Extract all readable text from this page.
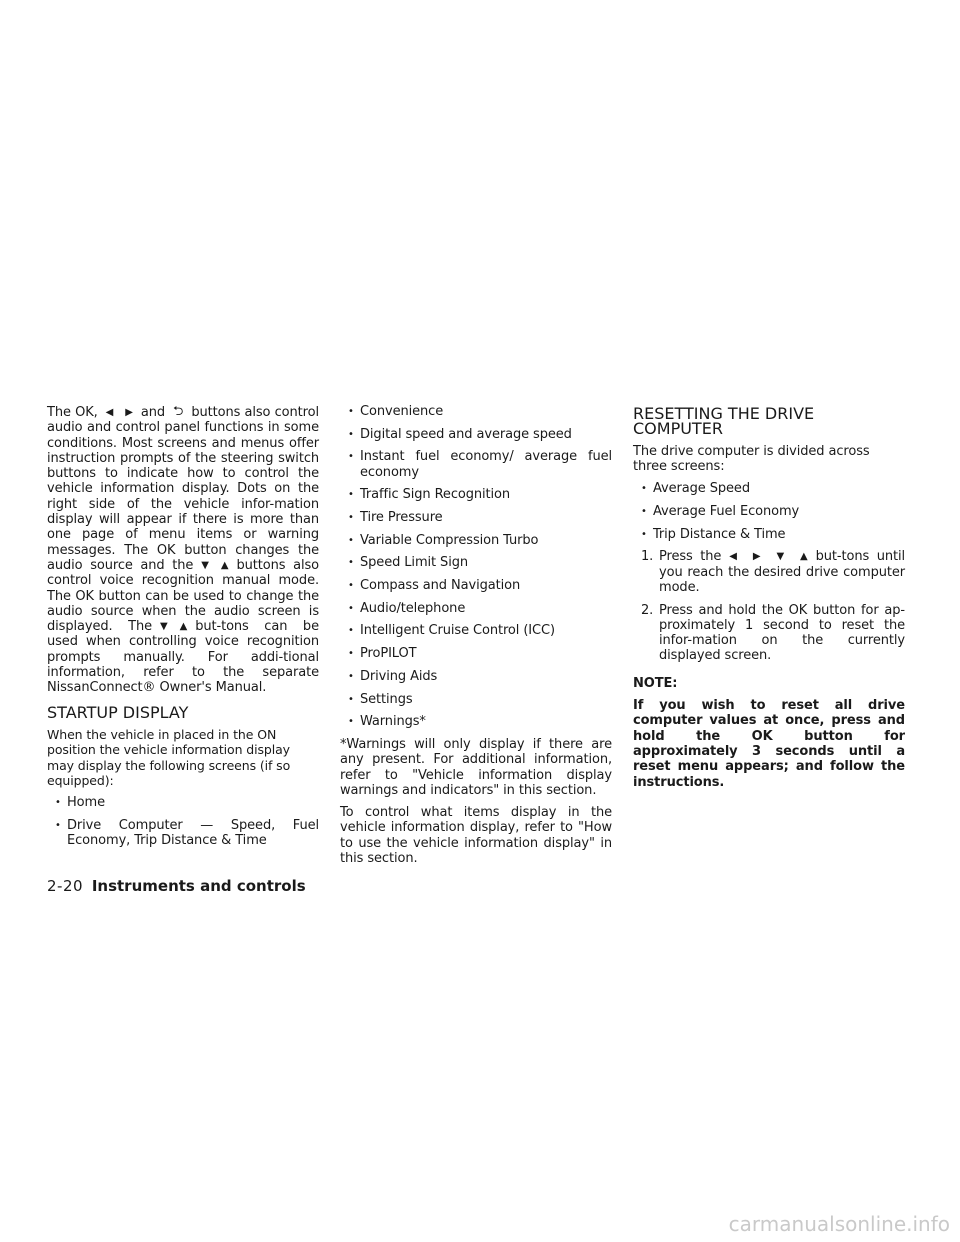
The OK, ◀ ▶ and ⮌ buttons also control audio and control panel functions in some conditions. Most screens and menus offer instruction prompts of the steering switch buttons to indicate how to control the vehicle information display. Dots on the right side of the vehicle infor-mation display will appear if there is more than one page of menu items or warning messages. The OK button changes the audio source and the ▼ ▲ buttons also control voice recognition manual mode. The OK button can be used to change the audio source when the audio screen is displayed. The ▼ ▲ but-tons can be used when controlling voice recognition prompts manually. For addi-tional information, refer to the separate NissanConnect® Owner's Manual.

STARTUP DISPLAY

When the vehicle in placed in the ON position the vehicle information display may display the following screens (if so equipped):

• Home
• Drive Computer — Speed, Fuel Economy, Trip Distance & Time
• Convenience
• Digital speed and average speed
• Instant fuel economy/ average fuel economy
• Traffic Sign Recognition
• Tire Pressure
• Variable Compression Turbo
• Speed Limit Sign
• Compass and Navigation
• Audio/telephone
• Intelligent Cruise Control (ICC)
• ProPILOT
• Driving Aids
• Settings
• Warnings*

*Warnings will only display if there are any present. For additional information, refer to "Vehicle information display warnings and indicators" in this section.

To control what items display in the vehicle information display, refer to "How to use the vehicle information display" in this section.

RESETTING THE DRIVE COMPUTER

The drive computer is divided across three screens:

• Average Speed
• Average Fuel Economy
• Trip Distance & Time
1. Press the ◀ ▶ ▼ ▲ but-tons until you reach the desired drive computer mode.
2. Press and hold the OK button for ap-proximately 1 second to reset the infor-mation on the currently displayed screen.

NOTE:

If you wish to reset all drive computer values at once, press and hold the OK button for approximately 3 seconds until a reset menu appears; and follow the instructions.

2-20 Instruments and controls
carmanualsonline.info
